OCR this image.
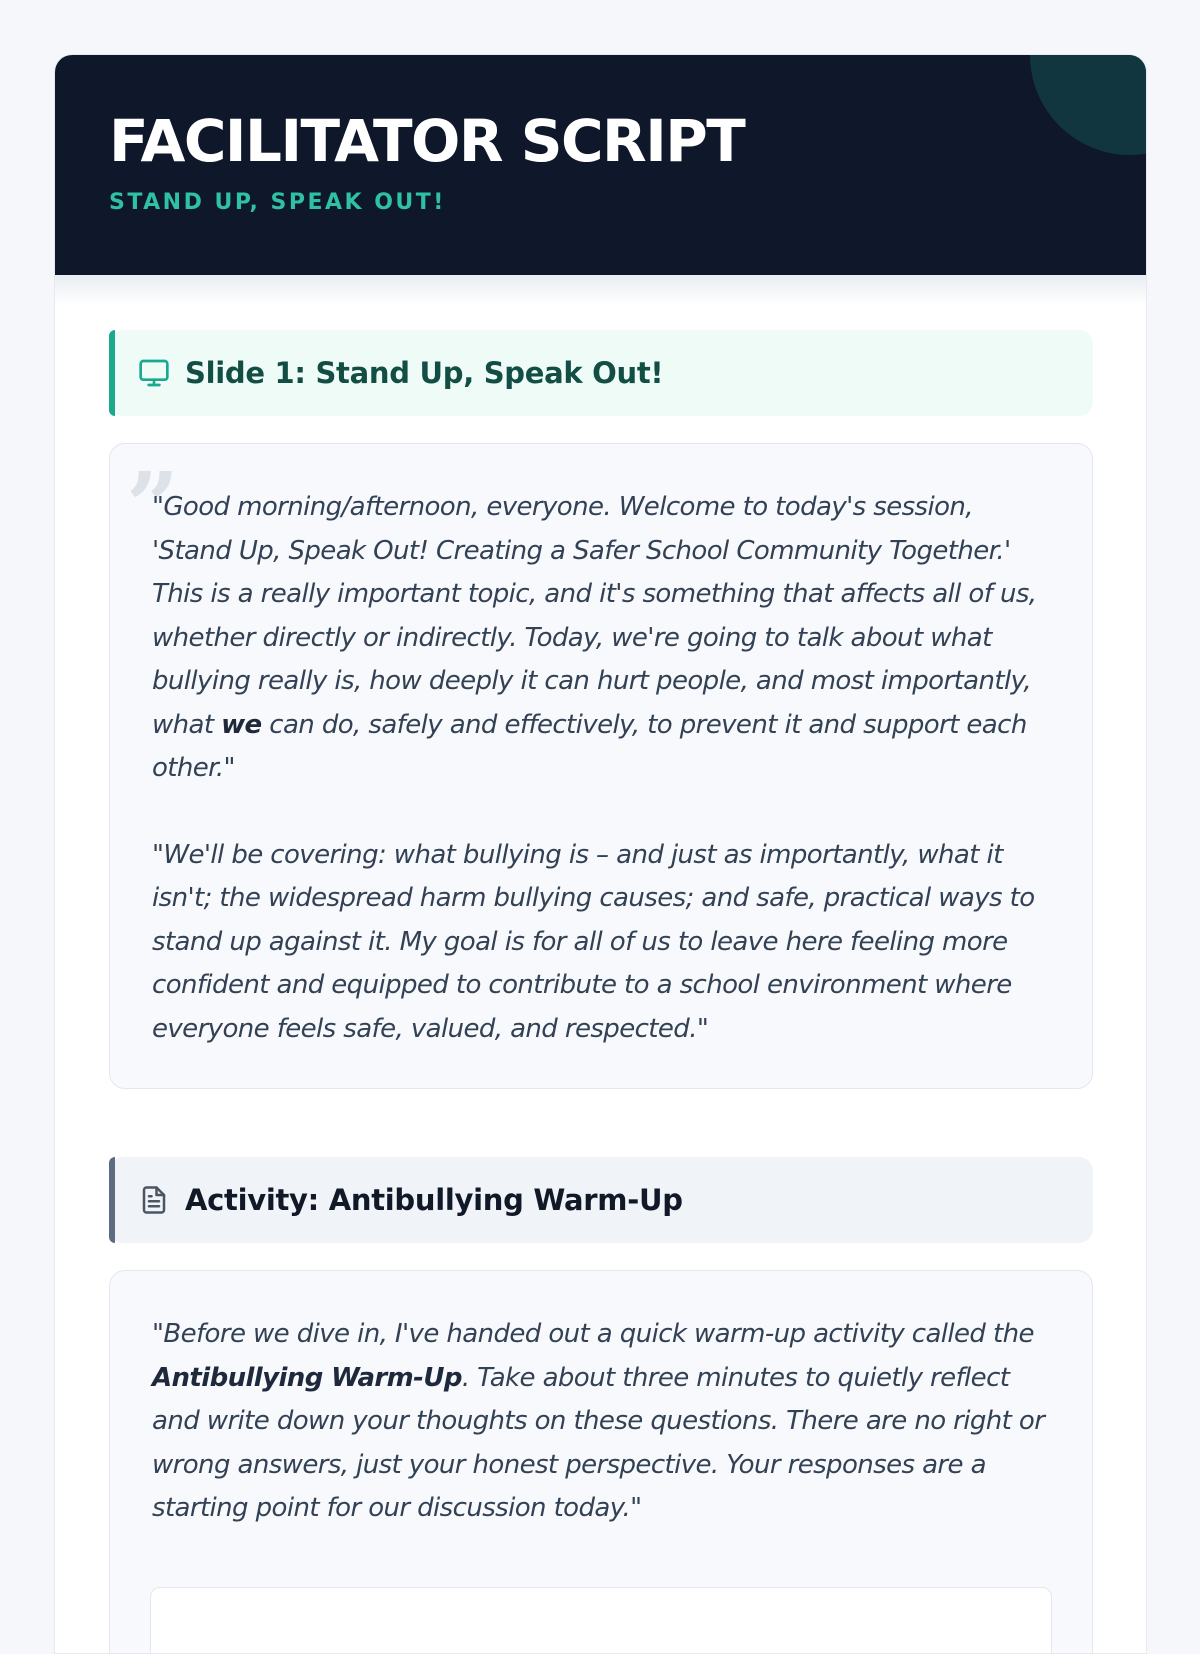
FACILITATOR SCRIPT
STAND UP, SPEAK OUT!
Slide 1: Stand Up, Speak Out!
”

"Good morning/afternoon, everyone. Welcome to today's session, 'Stand Up, Speak Out! Creating a Safer School Community Together.' This is a really important topic, and it's something that affects all of us, whether directly or indirectly. Today, we're going to talk about what bullying really is, how deeply it can hurt people, and most importantly, what we can do, safely and effectively, to prevent it and support each other."

"We'll be covering: what bullying is – and just as importantly, what it isn't; the widespread harm bullying causes; and safe, practical ways to stand up against it. My goal is for all of us to leave here feeling more confident and equipped to contribute to a school environment where everyone feels safe, valued, and respected."

Activity: Antibullying Warm-Up

"Before we dive in, I've handed out a quick warm-up activity called the Antibullying Warm-Up. Take about three minutes to quietly reflect and write down your thoughts on these questions. There are no right or wrong answers, just your honest perspective. Your responses are a starting point for our discussion today."
